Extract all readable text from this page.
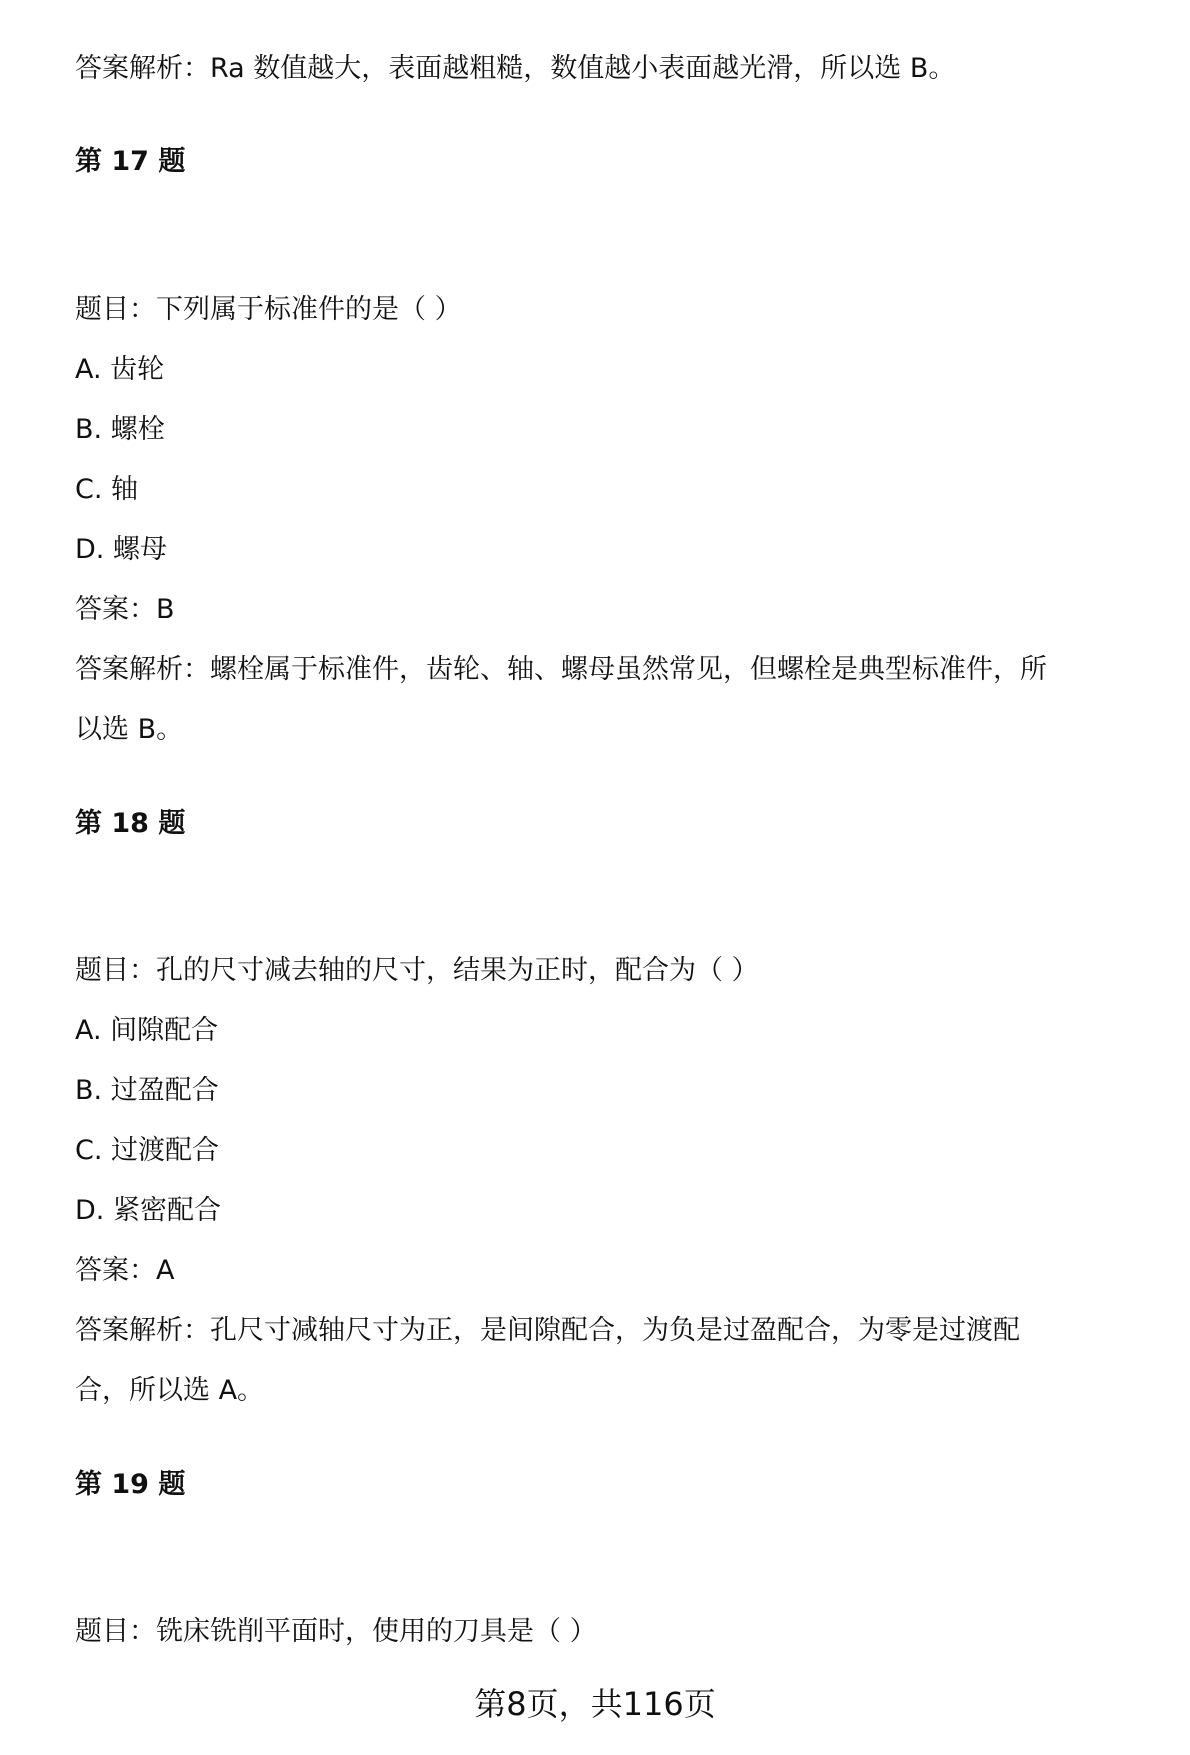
答案解析：Ra 数值越大，表面越粗糙，数值越小表面越光滑，所以选 B。
第 17 题
题目：下列属于标准件的是（ ）
A. 齿轮
B. 螺栓
C. 轴
D. 螺母
答案：B
答案解析：螺栓属于标准件，齿轮、轴、螺母虽然常见，但螺栓是典型标准件，所
以选 B。
第 18 题
题目：孔的尺寸减去轴的尺寸，结果为正时，配合为（ ）
A. 间隙配合
B. 过盈配合
C. 过渡配合
D. 紧密配合
答案：A
答案解析：孔尺寸减轴尺寸为正，是间隙配合，为负是过盈配合，为零是过渡配
合，所以选 A。
第 19 题
题目：铣床铣削平面时，使用的刀具是（ ）
第8页，共116页
